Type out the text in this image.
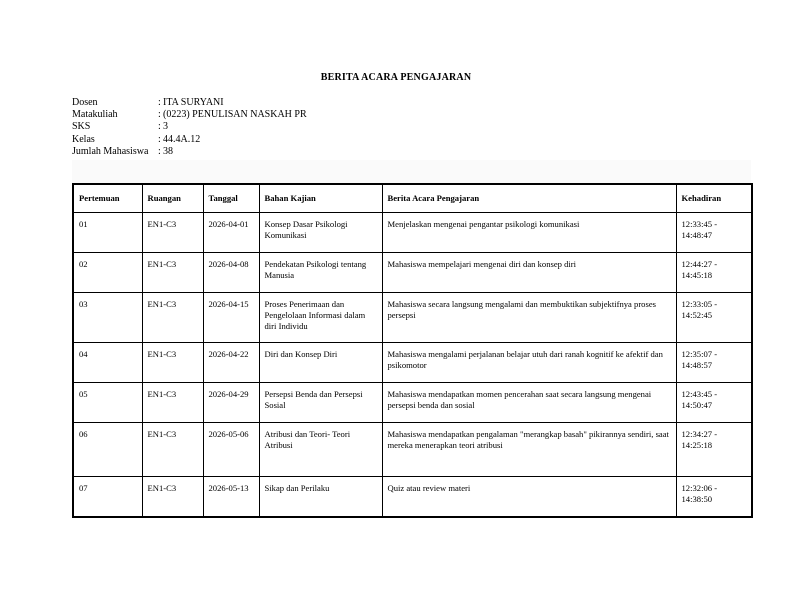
BERITA ACARA PENGAJARAN
Dosen	: ITA SURYANI
Matakuliah	: (0223) PENULISAN NASKAH PR
SKS	: 3
Kelas	: 44.4A.12
Jumlah Mahasiswa : 38
Pertemuan	Ruangan	Tanggal	Bahan Kajian	Berita Acara Pengajaran	Kehadiran
01	EN1-C3	2026-04-01	Konsep Dasar Psikologi Komunikasi	Menjelaskan mengenai pengantar psikologi komunikasi	12:33:45 - 14:48:47
02	EN1-C3	2026-04-08	Pendekatan Psikologi tentang Manusia	Mahasiswa mempelajari mengenai diri dan konsep diri	12:44:27 - 14:45:18
03	EN1-C3	2026-04-15	Proses Penerimaan dan Pengelolaan Informasi dalam diri Individu	Mahasiswa secara langsung mengalami dan membuktikan subjektifnya proses persepsi	12:33:05 - 14:52:45
04	EN1-C3	2026-04-22	Diri dan Konsep Diri	Mahasiswa mengalami perjalanan belajar utuh dari ranah kognitif ke afektif dan psikomotor	12:35:07 - 14:48:57
05	EN1-C3	2026-04-29	Persepsi Benda dan Persepsi Sosial	Mahasiswa mendapatkan momen pencerahan saat secara langsung mengenai persepsi benda dan sosial	12:43:45 - 14:50:47
06	EN1-C3	2026-05-06	Atribusi dan Teori- Teori Atribusi	Mahasiswa mendapatkan pengalaman "merangkap basah" pikirannya sendiri, saat mereka menerapkan teori atribusi	12:34:27 - 14:25:18
07	EN1-C3	2026-05-13	Sikap dan Perilaku	Quiz atau review materi	12:32:06 - 14:38:50
